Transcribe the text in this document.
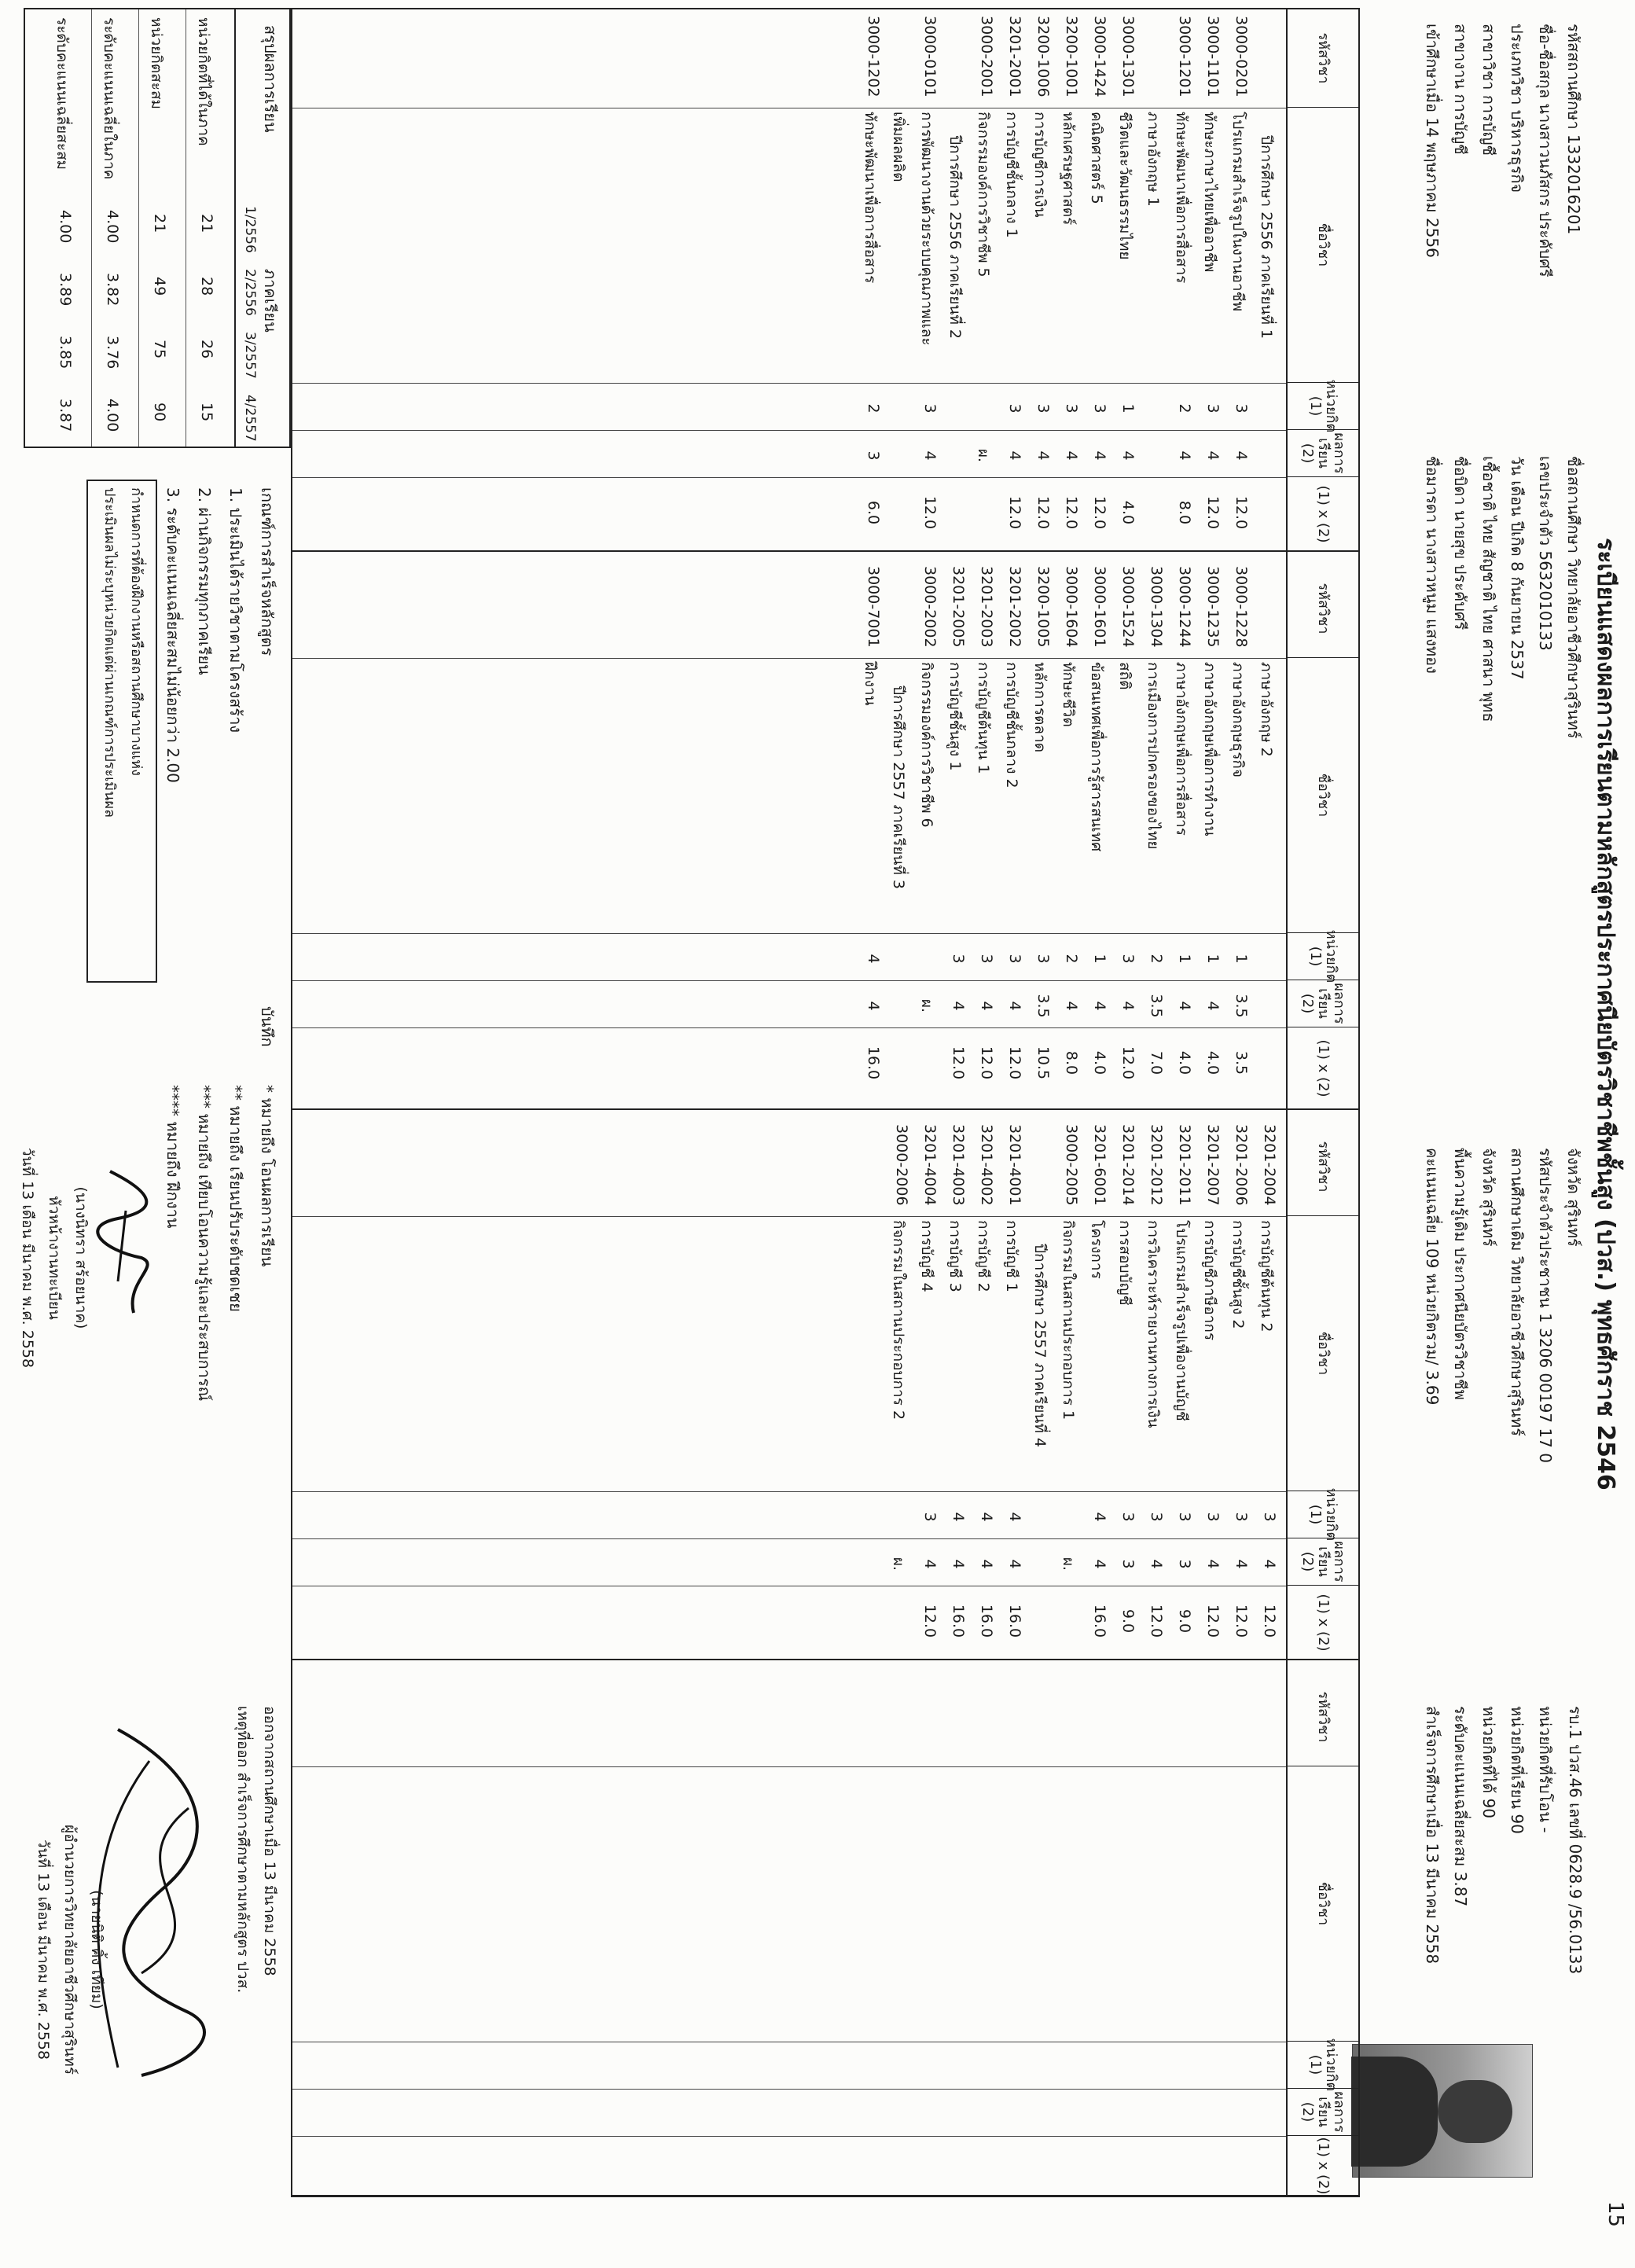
15
ระเบียนแสดงผลการเรียนตามหลักสูตรประกาศนียบัตรวิชาชีพชั้นสูง (ปวส.) พุทธศักราช 2546
รบ.1 ปวส.46 เลขที่ 0628.9 /56.0133
รหัสสถานศึกษา 1332016201
ชื่อ-ชื่อสกุล นางสาวนภัสกร ประคับศรี
ประเภทวิชา บริหารธุรกิจ
สาขาวิชา การบัญชี
สาขางาน การบัญชี
เข้าศึกษาเมื่อ 14 พฤษภาคม 2556
ชื่อสถานศึกษา วิทยาลัยอาชีวศึกษาสุรินทร์
เลขประจำตัว 5632010133
วัน เดือน ปีเกิด 8 กันยายน 2537
เชื้อชาติ ไทย สัญชาติ ไทย ศาสนา พุทธ
ชื่อบิดา นายสุข ประคับศรี
ชื่อมารดา นางสาวหนูม แสงทอง
จังหวัด สุรินทร์
รหัสประจำตัวประชาชน 1 3206 00197 17 0
สถานศึกษาเดิม วิทยาลัยอาชีวศึกษาสุรินทร์
จังหวัด สุรินทร์
พื้นความรู้เดิม ประกาศนียบัตรวิชาชีพ
คะแนนเฉลี่ย 109 หน่วยกิตรวม/ 3.69
หน่วยกิตที่รับโอน -
หน่วยกิตที่เรียน 90
หน่วยกิตที่ได้ 90
ระดับคะแนนเฉลี่ยสะสม 3.87
สำเร็จการศึกษาเมื่อ 13 มีนาคม 2558
รหัสวิชา
ชื่อวิชา
หน่วยกิต (1)
ผลการเรียน (2)
(1) x (2)
ปีการศึกษา 2556 ภาคเรียนที่ 1
3000-0201
โปรแกรมสำเร็จรูปในงานอาชีพ
3
4
12.0
3000-1101
ทักษะภาษาไทยเพื่ออาชีพ
3
4
12.0
3000-1201
ทักษะพัฒนาเพื่อการสื่อสาร
2
4
8.0
ภาษาอังกฤษ 1
3000-1301
ชีวิตและวัฒนธรรมไทย
1
4
4.0
3000-1424
คณิตศาสตร์ 5
3
4
12.0
3200-1001
หลักเศรษฐศาสตร์
3
4
12.0
3200-1006
การบัญชีการเงิน
3
4
12.0
3201-2001
การบัญชีชั้นกลาง 1
3
4
12.0
3000-2001
กิจกรรมองค์การวิชาชีพ 5
ผ.
ปีการศึกษา 2556 ภาคเรียนที่ 2
3000-0101
การพัฒนางานด้วยระบบคุณภาพและ
3
4
12.0
เพิ่มผลผลิต
3000-1202
ทักษะพัฒนาเพื่อการสื่อสาร
2
3
6.0
รหัสวิชา
ชื่อวิชา
หน่วยกิต (1)
ผลการเรียน (2)
(1) x (2)
ภาษาอังกฤษ 2
3000-1228
ภาษาอังกฤษธุรกิจ
1
3.5
3.5
3000-1235
ภาษาอังกฤษเพื่อการทำงาน
1
4
4.0
3000-1244
ภาษาอังกฤษเพื่อการสื่อสาร
1
4
4.0
3000-1304
การเมืองการปกครองของไทย
2
3.5
7.0
3000-1524
สถิติ
3
4
12.0
3000-1601
ข้อสนเทศเพื่อการรู้สารสนเทศ
1
4
4.0
3000-1604
ทักษะชีวิต
2
4
8.0
3200-1005
หลักการตลาด
3
3.5
10.5
3201-2002
การบัญชีชั้นกลาง 2
3
4
12.0
3201-2003
การบัญชีต้นทุน 1
3
4
12.0
3201-2005
การบัญชีชั้นสูง 1
3
4
12.0
3000-2002
กิจกรรมองค์การวิชาชีพ 6
ผ.
ปีการศึกษา 2557 ภาคเรียนที่ 3
3000-7001
ฝึกงาน
4
4
16.0
รหัสวิชา
ชื่อวิชา
หน่วยกิต (1)
ผลการเรียน (2)
(1) x (2)
3201-2004
การบัญชีต้นทุน 2
3
4
12.0
3201-2006
การบัญชีชั้นสูง 2
3
4
12.0
3201-2007
การบัญชีภาษีอากร
3
4
12.0
3201-2011
โปรแกรมสำเร็จรูปเพื่องานบัญชี
3
3
9.0
3201-2012
การวิเคราะห์รายงานทางการเงิน
3
4
12.0
3201-2014
การสอบบัญชี
3
3
9.0
3201-6001
โครงการ
4
4
16.0
3000-2005
กิจกรรมในสถานประกอบการ 1
ผ.
ปีการศึกษา 2557 ภาคเรียนที่ 4
3201-4001
การบัญชี 1
4
4
16.0
3201-4002
การบัญชี 2
4
4
16.0
3201-4003
การบัญชี 3
4
4
16.0
3201-4004
การบัญชี 4
3
4
12.0
3000-2006
กิจกรรมในสถานประกอบการ 2
ผ.
รหัสวิชา
ชื่อวิชา
หน่วยกิต (1)
ผลการเรียน (2)
(1) x (2)
สรุปผลการเรียน
ภาคเรียน
1/2556
2/2556
3/2557
4/2557
หน่วยกิตที่ได้ในภาค
21
28
26
15
หน่วยกิตสะสม
21
49
75
90
ระดับคะแนนเฉลี่ยในภาค
4.00
3.82
3.76
4.00
ระดับคะแนนเฉลี่ยสะสม
4.00
3.89
3.85
3.87
เกณฑ์การสำเร็จหลักสูตร
1. ประเมินได้รายวิชาตามโครงสร้าง
2. ผ่านกิจกรรมทุกภาคเรียน
3. ระดับคะแนนเฉลี่ยสะสมไม่น้อยกว่า 2.00
กำหนดการที่ต้องฝึกงานหรือสถานศึกษาบางแห่ง
ประเมินผลไม่ระบุหน่วยกิตแต่ผ่านเกณฑ์การประเมินผล
บันทึก
* หมายถึง โอนผลการเรียน
** หมายถึง เรียนปรับระดับชดเชย
*** หมายถึง เทียบโอนความรู้และประสบการณ์
**** หมายถึง ฝึกงาน
(นางนิทรา สร้อยนาค)
หัวหน้างานทะเบียน
วันที่ 13 เดือน มีนาคม พ.ศ. 2558
ออกจากสถานศึกษาเมื่อ 13 มีนาคม 2558
เหตุที่ออก สำเร็จการศึกษาตามหลักสูตร ปวส.
(นายนิติ คิ้ง เทียม)
ผู้อำนวยการวิทยาลัยอาชีวศึกษาสุรินทร์
วันที่ 13 เดือน มีนาคม พ.ศ. 2558
